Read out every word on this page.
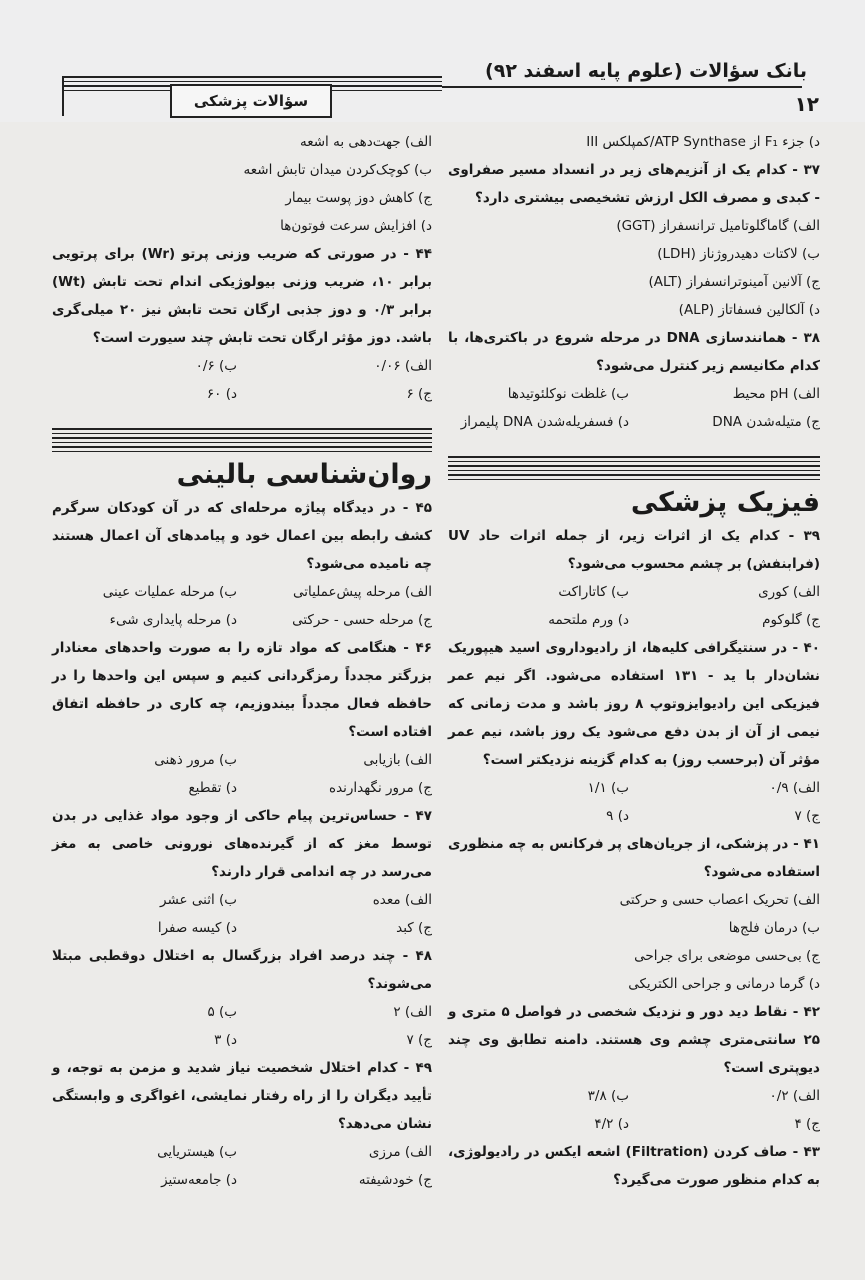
بانک سؤالات (علوم پایه اسفند ۹۲)
۱۲
سؤالات پزشکی

د) جزء F₁ از ATP Synthase/کمپلکس III

۳۷ - کدام یک از آنزیم‌های زیر در انسداد مسیر صفراوی - کبدی و مصرف الکل ارزش تشخیصی بیشتری دارد؟

الف) گاماگلوتامیل ترانسفراز (GGT)

ب) لاکتات دهیدروژناز (LDH)

ج) آلانین آمینوترانسفراز (ALT)

د) آلکالین فسفاتاز (ALP)

۳۸ - همانندسازی DNA در مرحله شروع در باکتری‌ها، با کدام مکانیسم زیر کنترل می‌شود؟

الف) pH محیط

ب) غلظت نوکلئوتیدها

ج) متیله‌شدن DNA

د) فسفریله‌شدن DNA پلیمراز

فیزیک پزشکی

۳۹ - کدام یک از اثرات زیر، از جمله اثرات حاد UV (فرابنفش) بر چشم محسوب می‌شود؟

الف) کوری

ب) کاتاراکت

ج) گلوکوم

د) ورم ملتحمه

۴۰ - در سنتیگرافی کلیه‌ها، از رادیوداروی اسید هیپوریک نشان‌دار با ید - ۱۳۱ استفاده می‌شود. اگر نیم عمر فیزیکی این رادیوایزوتوپ ۸ روز باشد و مدت زمانی که نیمی از آن از بدن دفع می‌شود یک روز باشد، نیم عمر مؤثر آن (برحسب روز) به کدام گزینه نزدیکتر است؟

الف) ۰/۹

ب) ۱/۱

ج) ۷

د) ۹

۴۱ - در پزشکی، از جریان‌های پر فرکانس به چه منظوری استفاده می‌شود؟

الف) تحریک اعصاب حسی و حرکتی

ب) درمان فلج‌ها

ج) بی‌حسی موضعی برای جراحی

د) گرما درمانی و جراحی الکتریکی

۴۲ - نقاط دید دور و نزدیک شخصی در فواصل ۵ متری و ۲۵ سانتی‌متری چشم وی هستند. دامنه تطابق وی چند دیوپتری است؟

الف) ۰/۲

ب) ۳/۸

ج) ۴

د) ۴/۲

۴۳ - صاف کردن (Filtration) اشعه ایکس در رادیولوژی، به کدام منظور صورت می‌گیرد؟

الف) جهت‌دهی به اشعه

ب) کوچک‌کردن میدان تابش اشعه

ج) کاهش دوز پوست بیمار

د) افزایش سرعت فوتون‌ها

۴۴ - در صورتی که ضریب وزنی پرتو (Wr) برای پرتویی برابر ۱۰، ضریب وزنی بیولوژیکی اندام تحت تابش (Wt) برابر ۰/۳ و دوز جذبی ارگان تحت تابش نیز ۲۰ میلی‌گری باشد. دوز مؤثر ارگان تحت تابش چند سیورت است؟

الف) ۰/۰۶

ب) ۰/۶

ج) ۶

د) ۶۰

روان‌شناسی بالینی

۴۵ - در دیدگاه پیاژه مرحله‌ای که در آن کودکان سرگرم کشف رابطه بین اعمال خود و پیامدهای آن اعمال هستند چه نامیده می‌شود؟

الف) مرحله پیش‌عملیاتی

ب) مرحله عملیات عینی

ج) مرحله حسی - حرکتی

د) مرحله پایداری شیء

۴۶ - هنگامی که مواد تازه را به صورت واحدهای معنادار بزرگتر مجدداً رمزگردانی کنیم و سپس این واحدها را در حافظه فعال مجدداً بیندوزیم، چه کاری در حافظه اتفاق افتاده است؟

الف) بازیابی

ب) مرور ذهنی

ج) مرور نگهدارنده

د) تقطیع

۴۷ - حساس‌ترین پیام حاکی از وجود مواد غذایی در بدن توسط مغز که از گیرنده‌های نورونی خاصی به مغز می‌رسد در چه اندامی قرار دارند؟

الف) معده

ب) اثنی عشر

ج) کبد

د) کیسه صفرا

۴۸ - چند درصد افراد بزرگسال به اختلال دوقطبی مبتلا می‌شوند؟

الف) ۲

ب) ۵

ج) ۷

د) ۳

۴۹ - کدام اختلال شخصیت نیاز شدید و مزمن به توجه، و تأیید دیگران را از راه رفتار نمایشی، اغواگری و وابستگی نشان می‌دهد؟

الف) مرزی

ب) هیستریایی

ج) خودشیفته

د) جامعه‌ستیز
